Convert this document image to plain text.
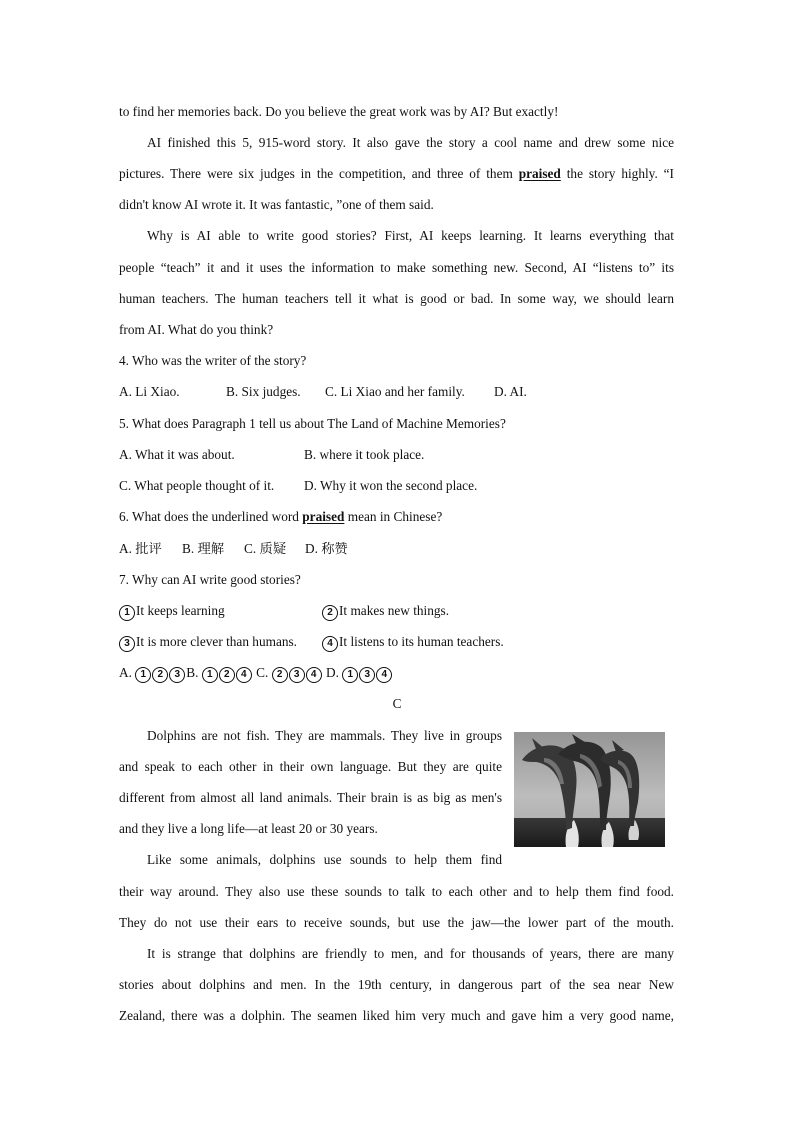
to find her memories back. Do you believe the great work was by AI? But exactly!
AI finished this 5, 915-word story. It also gave the story a cool name and drew some nice
pictures. There were six judges in the competition, and three of them praised the story highly. “I
didn't know AI wrote it. It was fantastic, ”one of them said.
Why is AI able to write good stories? First, AI keeps learning. It learns everything that
people “teach” it and it uses the information to make something new. Second, AI “listens to” its
human teachers. The human teachers tell it what is good or bad. In some way, we should learn
from AI. What do you think?
4. Who was the writer of the story?
A. Li Xiao.	B. Six judges. C. Li Xiao and her family. D. AI.
5. What does Paragraph 1 tell us about The Land of Machine Memories?
A. What it was about.	B. where it took place.
C. What people thought of it. D. Why it won the second place.
6. What does the underlined word praised mean in Chinese?
A. 批评 B. 理解 C. 质疑 D. 称赞
7. Why can AI write good stories?
1 It keeps learning	2 It makes new things.
3 It is more clever than humans.	4 It listens to its human teachers.
A. 1 2 3 B. 1 2 4 C. 2 3 4 D. 1 3 4
C
Dolphins are not fish. They are mammals. They live in groups
and speak to each other in their own language. But they are quite
different from almost all land animals. Their brain is as big as men's
and they live a long life—at least 20 or 30 years.
Like some animals, dolphins use sounds to help them find
their way around. They also use these sounds to talk to each other and to help them find food.
They do not use their ears to receive sounds, but use the jaw—the lower part of the mouth.
It is strange that dolphins are friendly to men, and for thousands of years, there are many
stories about dolphins and men. In the 19th century, in dangerous part of the sea near New
Zealand, there was a dolphin. The seamen liked him very much and gave him a very good name,
